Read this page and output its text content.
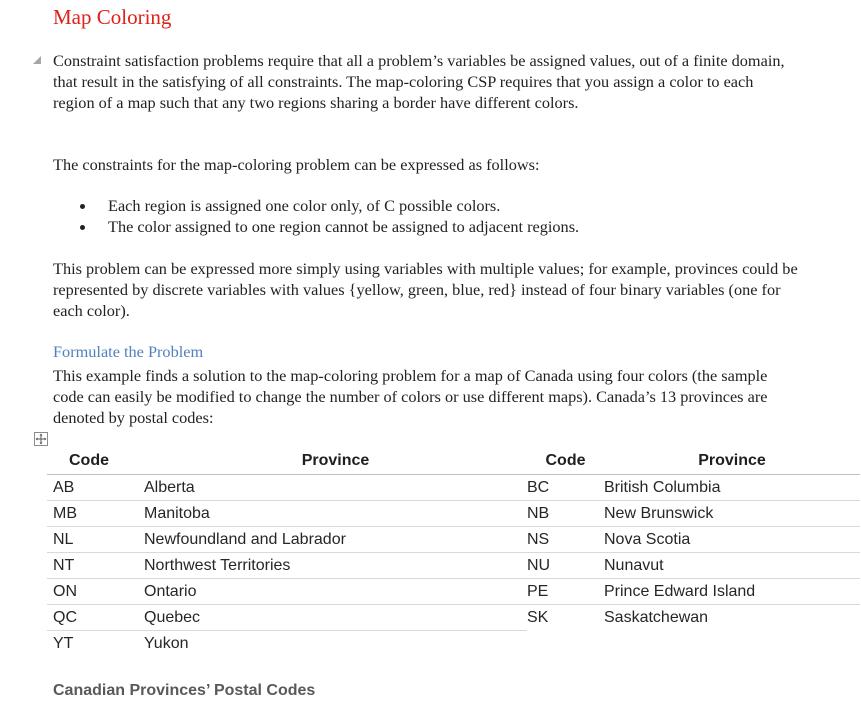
Map Coloring

Constraint satisfaction problems require that all a problem’s variables be assigned values, out of a finite domain, that result in the satisfying of all constraints. The map-coloring CSP requires that you assign a color to each region of a map such that any two regions sharing a border have different colors.

The constraints for the map-coloring problem can be expressed as follows:

Each region is assigned one color only, of C possible colors.
The color assigned to one region cannot be assigned to adjacent regions.

This problem can be expressed more simply using variables with multiple values; for example, provinces could be represented by discrete variables with values {yellow, green, blue, red} instead of four binary variables (one for each color).

Formulate the Problem

This example finds a solution to the map-coloring problem for a map of Canada using four colors (the sample code can easily be modified to change the number of colors or use different maps). Canada’s 13 provinces are denoted by postal codes:

Code	Province	Code	Province
AB	Alberta	BC	British Columbia
MB	Manitoba	NB	New Brunswick
NL	Newfoundland and Labrador	NS	Nova Scotia
NT	Northwest Territories	NU	Nunavut
ON	Ontario	PE	Prince Edward Island
QC	Quebec	SK	Saskatchewan
YT	Yukon		

Canadian Provinces’ Postal Codes
